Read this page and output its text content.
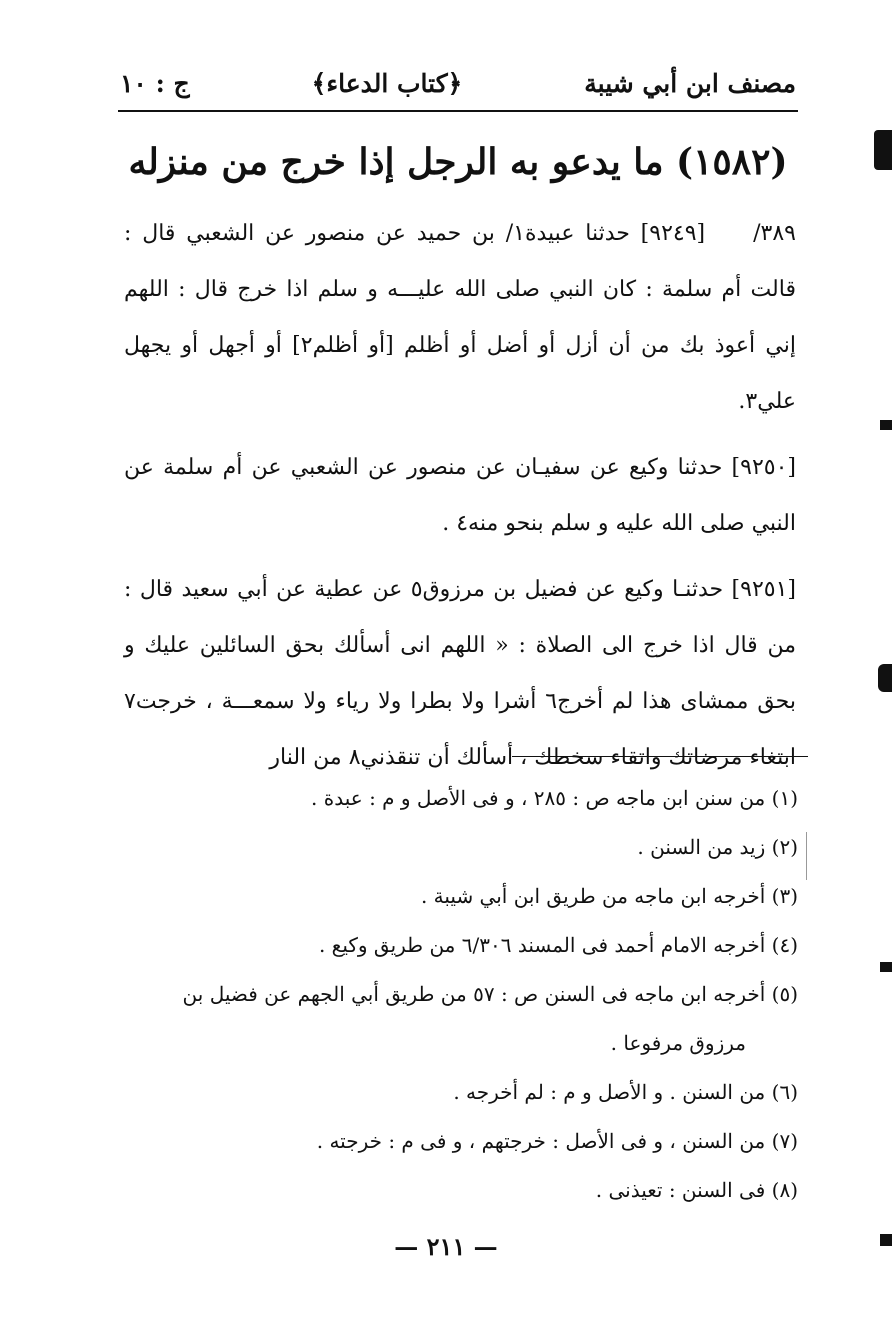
مصنف ابن أبي شيبة
﴿كتاب الدعاء﴾
ج : ١٠
(١٥٨٢) ما يدعو به الرجل إذا خرج من منزله

٣٨٩/[٩٢٤٩] حدثنا عبيدة١/ بن حميد عن منصور عن الشعبي قال : قالت أم سلمة : كان النبي صلى الله عليـــه و سلم اذا خرج قال : اللهم إني أعوذ بك من أن أزل أو أضل أو أظلم [أو أظلم٢] أو أجهل أو يجهل علي٣.

[٩٢٥٠] حدثنا وكيع عن سفيـان عن منصور عن الشعبي عن أم سلمة عن النبي صلى الله عليه و سلم بنحو منه٤ .

[٩٢٥١] حدثنـا وكيع عن فضيل بن مرزوق٥ عن عطية عن أبي سعيد قال : من قال اذا خرج الى الصلاة : « اللهم انى أسألك بحق السائلين عليك و بحق ممشاى هذا لم أخرج٦ أشرا ولا بطرا ولا رياء ولا سمعـــة ، خرجت٧ ابتغاء مرضاتك واتقاء سخطك ، أسألك أن تنقذني٨ من النار

(١) من سنن ابن ماجه ص : ٢٨٥ ، و فى الأصل و م : عبدة .

(٢) زيد من السنن .

(٣) أخرجه ابن ماجه من طريق ابن أبي شيبة .

(٤) أخرجه الامام أحمد فى المسند ٦/٣٠٦ من طريق وكيع .

(٥) أخرجه ابن ماجه فى السنن ص : ٥٧ من طريق أبي الجهم عن فضيل بن

مرزوق مرفوعا .

(٦) من السنن . و الأصل و م : لم أخرجه .

(٧) من السنن ، و فى الأصل : خرجتهم ، و فى م : خرجته .

(٨) فى السنن : تعيذنى .

— ٢١١ —
